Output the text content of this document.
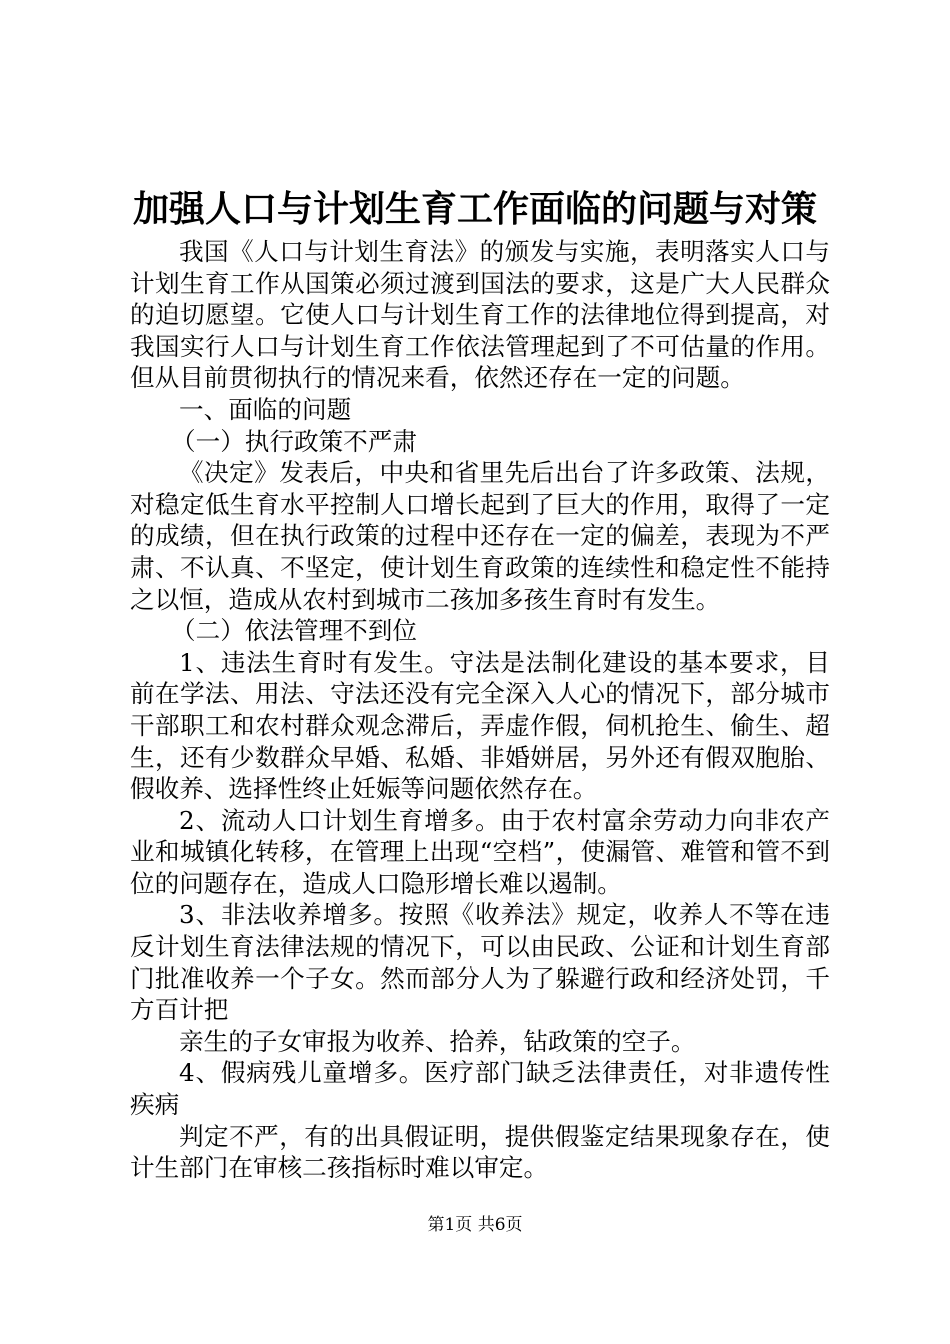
加强人口与计划生育工作面临的问题与对策

我国《人口与计划生育法》的颁发与实施，表明落实人口与计划生育工作从国策必须过渡到国法的要求，这是广大人民群众的迫切愿望。它使人口与计划生育工作的法律地位得到提高，对我国实行人口与计划生育工作依法管理起到了不可估量的作用。但从目前贯彻执行的情况来看，依然还存在一定的问题。

一、面临的问题

（一）执行政策不严肃

《决定》发表后，中央和省里先后出台了许多政策、法规，对稳定低生育水平控制人口增长起到了巨大的作用，取得了一定的成绩，但在执行政策的过程中还存在一定的偏差，表现为不严肃、不认真、不坚定，使计划生育政策的连续性和稳定性不能持之以恒，造成从农村到城市二孩加多孩生育时有发生。

（二）依法管理不到位

1、违法生育时有发生。守法是法制化建设的基本要求，目前在学法、用法、守法还没有完全深入人心的情况下，部分城市干部职工和农村群众观念滞后，弄虚作假，伺机抢生、偷生、超生，还有少数群众早婚、私婚、非婚姘居，另外还有假双胞胎、假收养、选择性终止妊娠等问题依然存在。

2、流动人口计划生育增多。由于农村富余劳动力向非农产业和城镇化转移，在管理上出现“空档”，使漏管、难管和管不到位的问题存在，造成人口隐形增长难以遏制。

3、非法收养增多。按照《收养法》规定，收养人不等在违反计划生育法律法规的情况下，可以由民政、公证和计划生育部门批准收养一个子女。然而部分人为了躲避行政和经济处罚，千方百计把

亲生的子女审报为收养、拾养，钻政策的空子。

4、假病残儿童增多。医疗部门缺乏法律责任，对非遗传性疾病

判定不严，有的出具假证明，提供假鉴定结果现象存在，使计生部门在审核二孩指标时难以审定。

第1页 共6页
